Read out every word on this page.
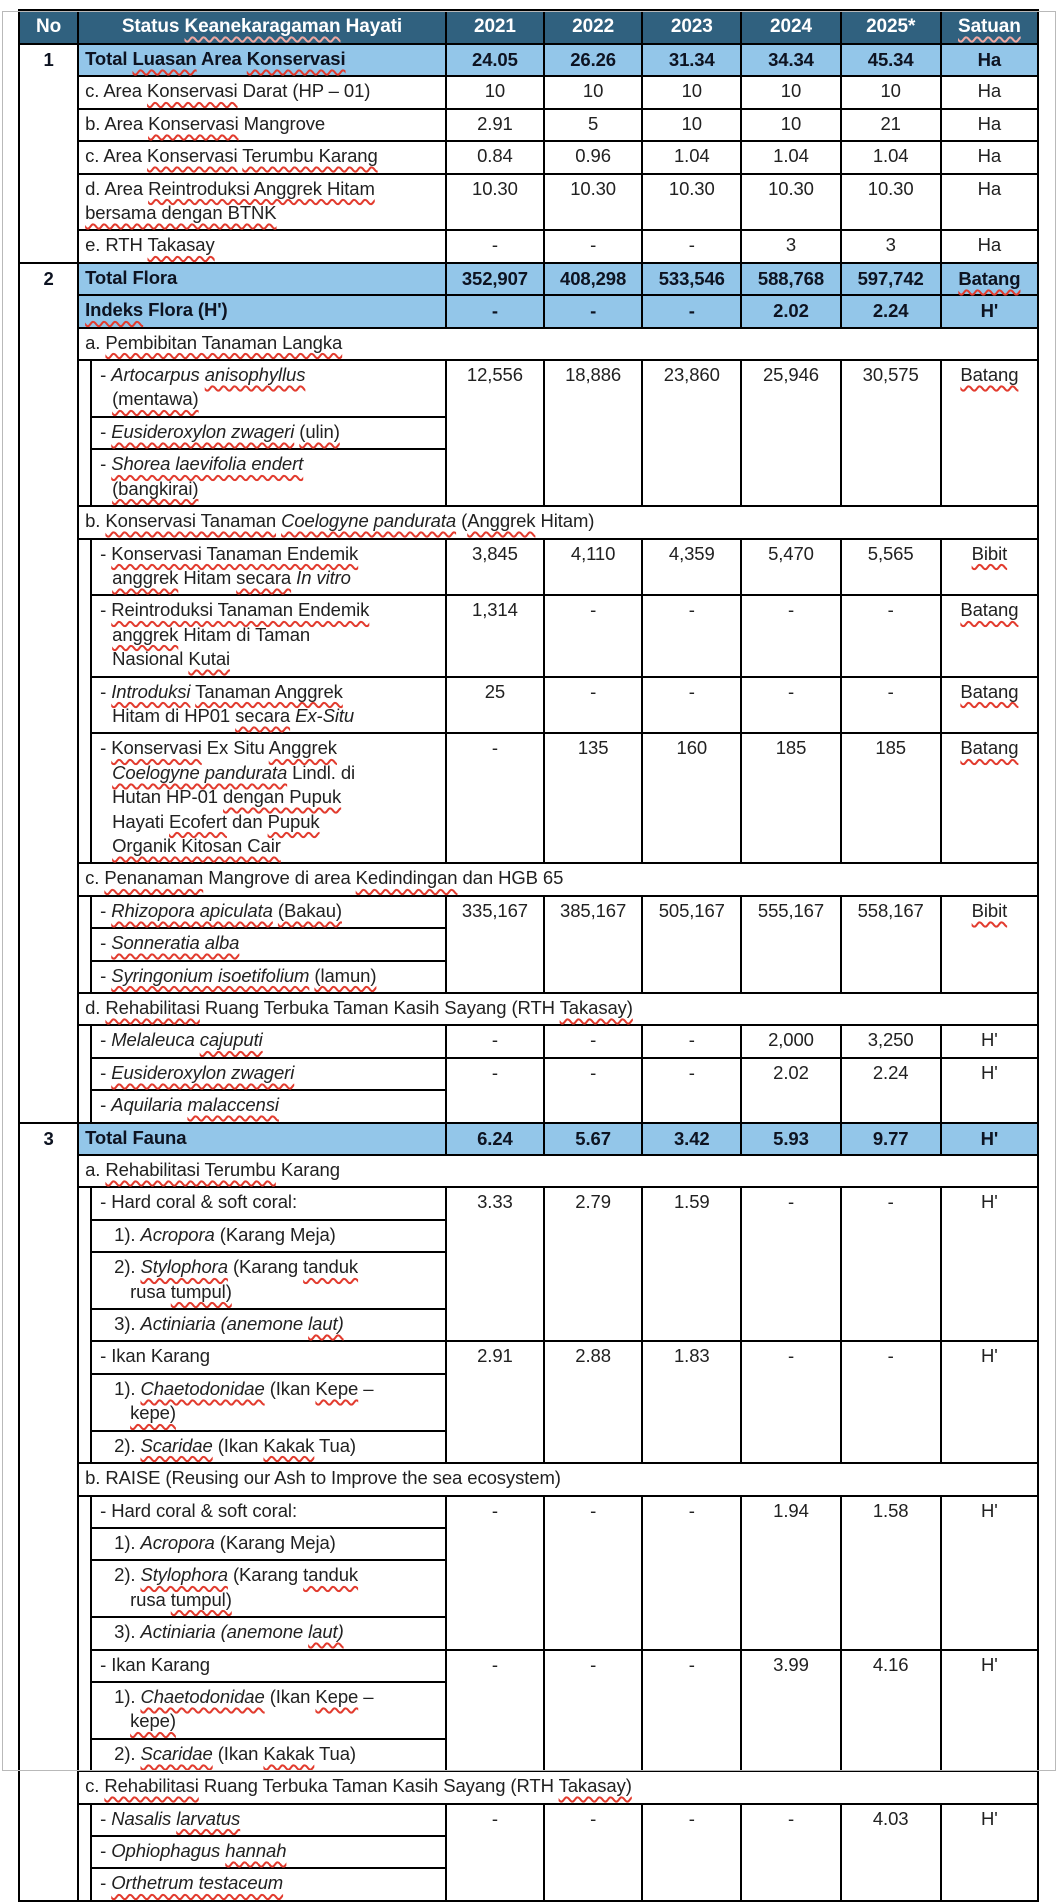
No	Status Keanekaragaman Hayati		2021	2022	2023	2024	2025*	Satuan
1	Total Luasan Area Konservasi		24.05	26.26	31.34	34.34	45.34	Ha
	c. Area Konservasi Darat (HP – 01)		10	10	10	10	10	Ha
	b. Area Konservasi Mangrove		2.91	5	10	10	21	Ha
	c. Area Konservasi Terumbu Karang		0.84	0.96	1.04	1.04	1.04	Ha
	d. Area Reintroduksi Anggrek Hitam
bersama dengan BTNK		10.30	10.30	10.30	10.30	10.30	Ha
	e. RTH Takasay		-	-	-	3	3	Ha
2	Total Flora		352,907	408,298	533,546	588,768	597,742	Batang
	Indeks Flora (H')		-	-	-	2.02	2.24	H'
	a. Pembibitan Tanaman Langka							
		- Artocarpus anisophyllus
(mentawa)	12,556	18,886	23,860	25,946	30,575	Batang
		- Eusideroxylon zwageri (ulin)						
		- Shorea laevifolia endert
(bangkirai)						
	b. Konservasi Tanaman Coelogyne pandurata (Anggrek Hitam)							
		- Konservasi Tanaman Endemik
anggrek Hitam secara In vitro	3,845	4,110	4,359	5,470	5,565	Bibit
		- Reintroduksi Tanaman Endemik
anggrek Hitam di Taman
Nasional Kutai	1,314	-	-	-	-	Batang
		- Introduksi Tanaman Anggrek
Hitam di HP01 secara Ex-Situ	25	-	-	-	-	Batang
		- Konservasi Ex Situ Anggrek
Coelogyne pandurata Lindl. di
Hutan HP-01 dengan Pupuk
Hayati Ecofert dan Pupuk
Organik Kitosan Cair	-	135	160	185	185	Batang
	c. Penanaman Mangrove di area Kedindingan dan HGB 65							
		- Rhizopora apiculata (Bakau)	335,167	385,167	505,167	555,167	558,167	Bibit
		- Sonneratia alba						
		- Syringonium isoetifolium (lamun)						
	d. Rehabilitasi Ruang Terbuka Taman Kasih Sayang (RTH Takasay)							
		- Melaleuca cajuputi	-	-	-	2,000	3,250	H'
		- Eusideroxylon zwageri	-	-	-	2.02	2.24	H'
		- Aquilaria malaccensi						
3	Total Fauna		6.24	5.67	3.42	5.93	9.77	H'
	a. Rehabilitasi Terumbu Karang							
		- Hard coral & soft coral:	3.33	2.79	1.59	-	-	H'
		1). Acropora (Karang Meja)						
		2). Stylophora (Karang tanduk
rusa tumpul)						
		3). Actiniaria (anemone laut)						
		- Ikan Karang	2.91	2.88	1.83	-	-	H'
		1). Chaetodonidae (Ikan Kepe –
kepe)						
		2). Scaridae (Ikan Kakak Tua)						
	b. RAISE (Reusing our Ash to Improve the sea ecosystem)							
		- Hard coral & soft coral:	-	-	-	1.94	1.58	H'
		1). Acropora (Karang Meja)						
		2). Stylophora (Karang tanduk
rusa tumpul)						
		3). Actiniaria (anemone laut)						
		- Ikan Karang	-	-	-	3.99	4.16	H'
		1). Chaetodonidae (Ikan Kepe –
kepe)						
		2). Scaridae (Ikan Kakak Tua)						
	c. Rehabilitasi Ruang Terbuka Taman Kasih Sayang (RTH Takasay)							
		- Nasalis larvatus	-	-	-	-	4.03	H'
		- Ophiophagus hannah						
		- Orthetrum testaceum						
